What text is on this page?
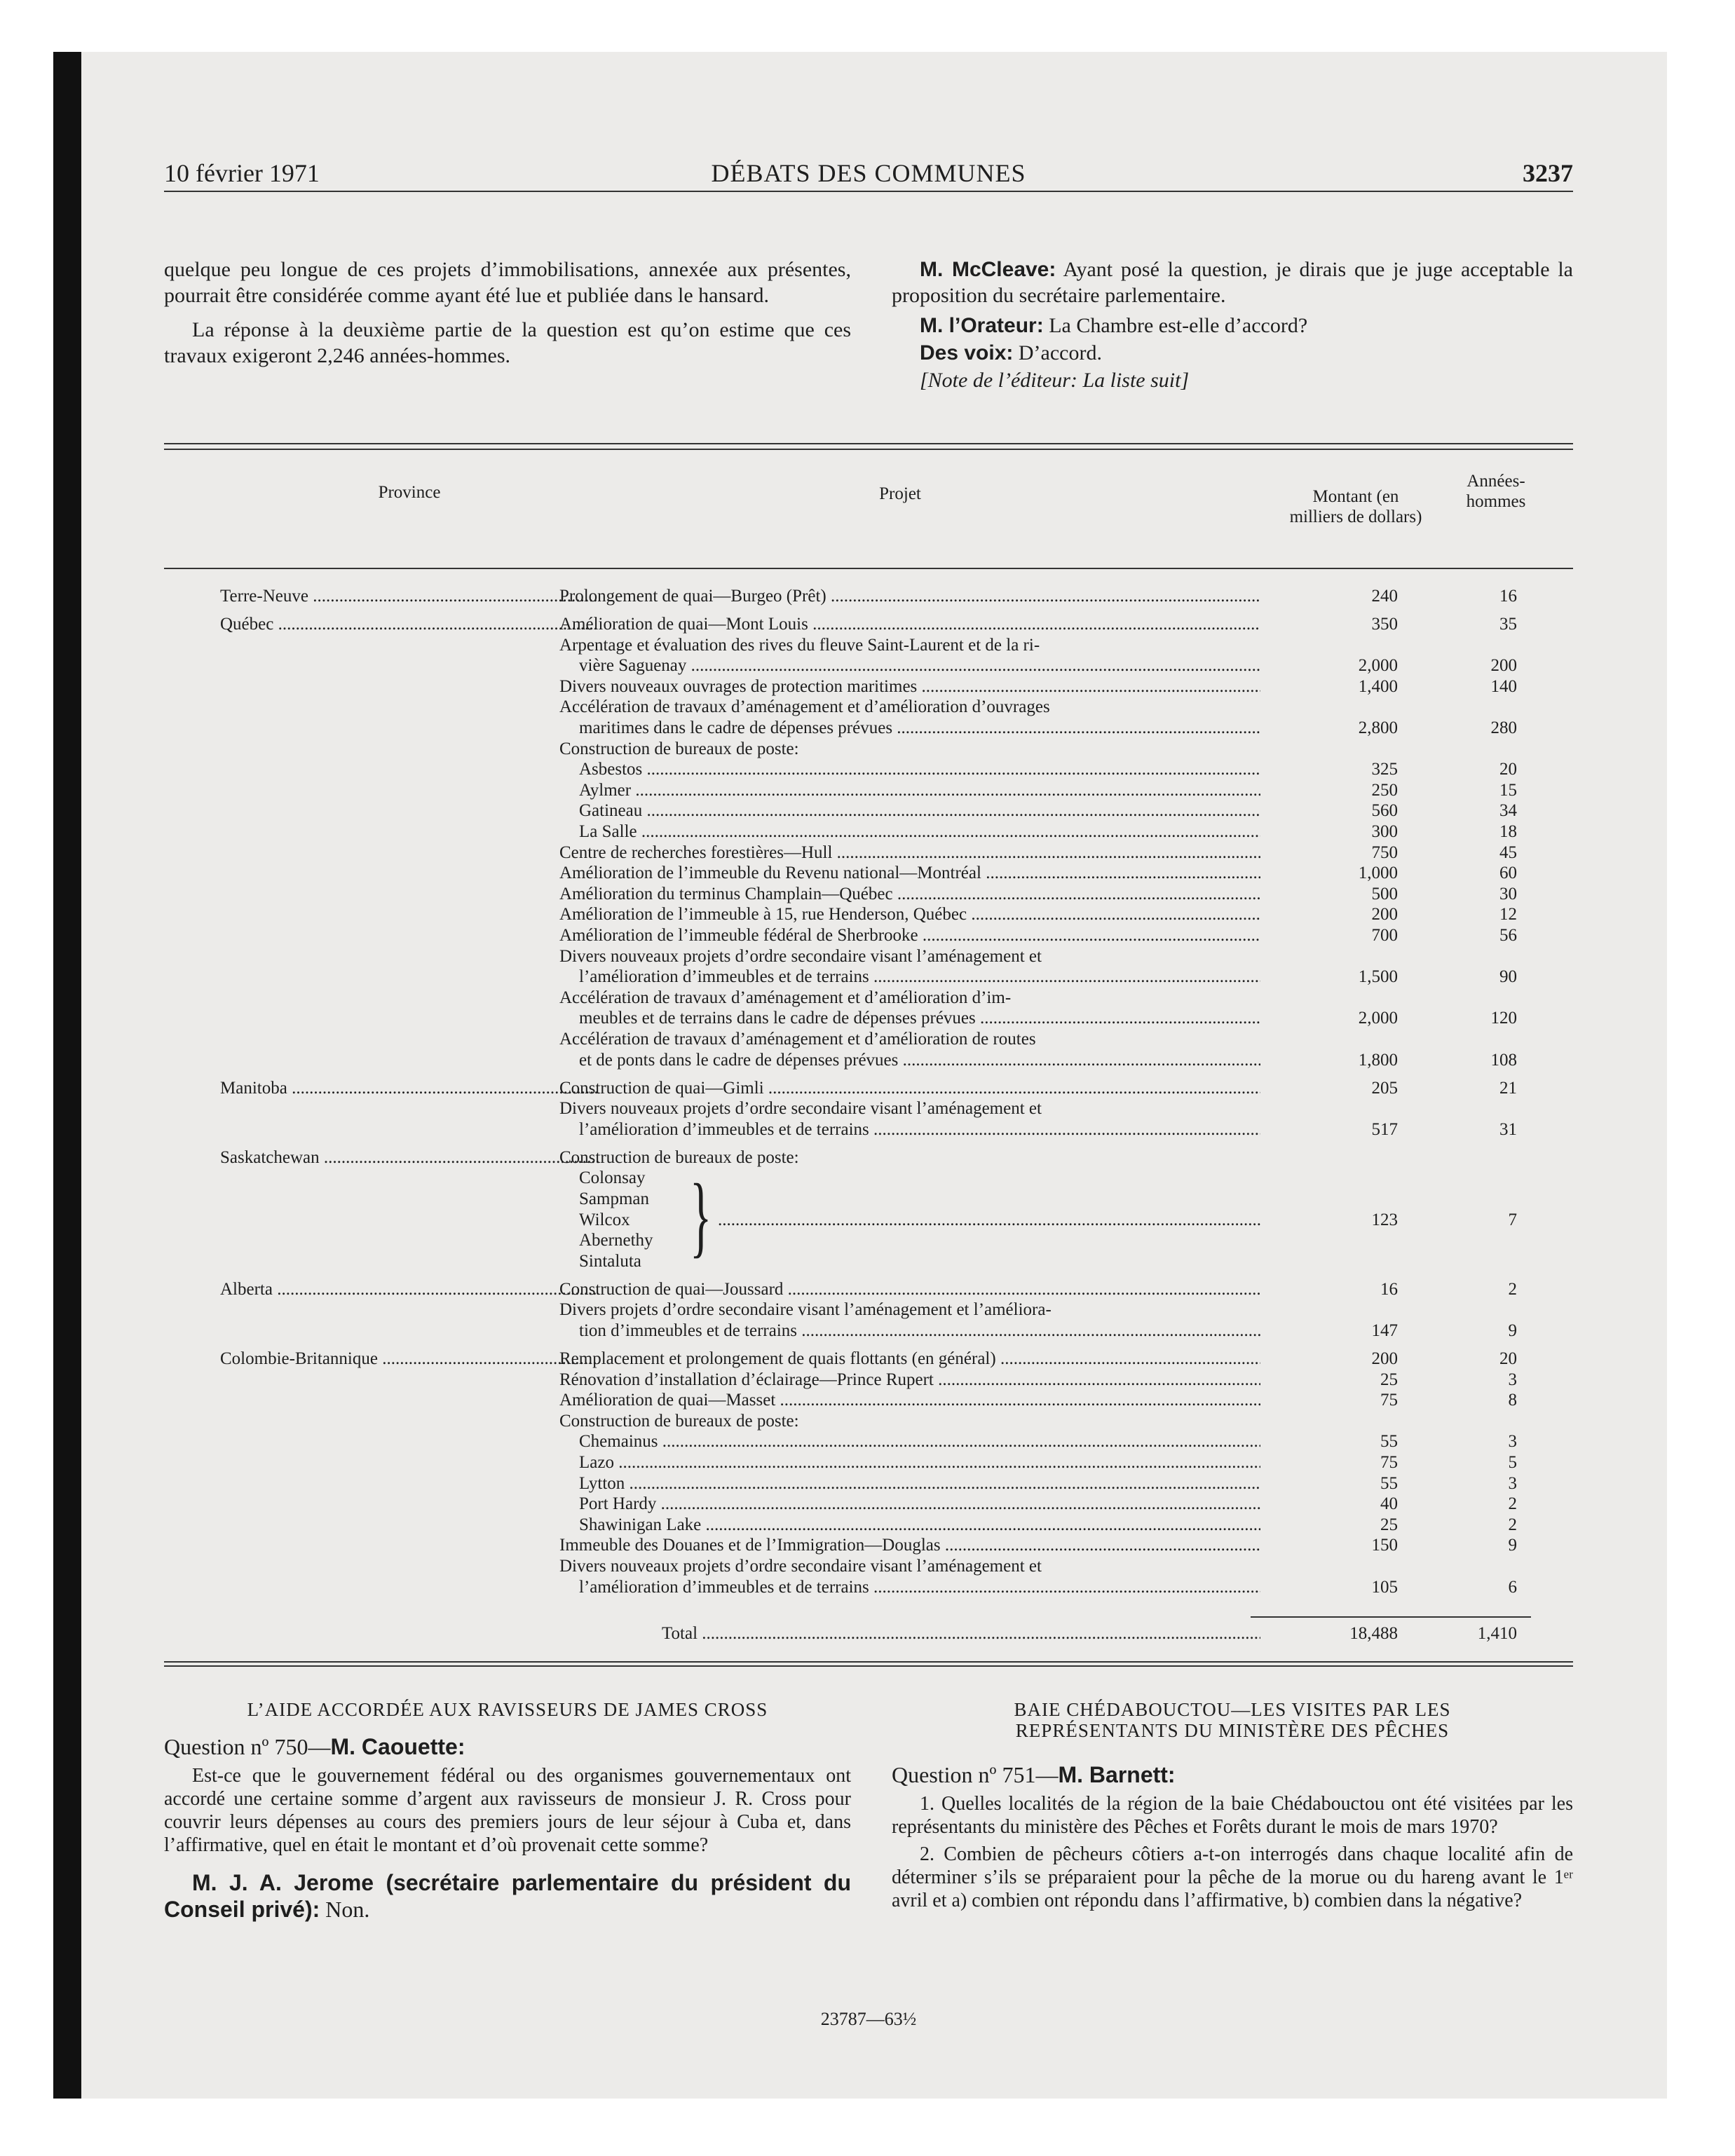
10 février 1971	DÉBATS DES COMMUNES	3237

quelque peu longue de ces projets d’immobilisations, annexée aux présentes, pourrait être considérée comme ayant été lue et publiée dans le hansard.

La réponse à la deuxième partie de la question est qu’on estime que ces travaux exigeront 2,246 années-hommes.

M. McCleave: Ayant posé la question, je dirais que je juge acceptable la proposition du secrétaire parlementaire.

M. l’Orateur: La Chambre est-elle d’accord?

Des voix: D’accord.

[Note de l’éditeur: La liste suit]

Province	Projet	Montant (en milliers de dollars)
Années-hommes
Terre-Neuve .....	Prolongement de quai—Burgeo (Prêt) .....	240	16
Québec .....	Amélioration de quai—Mont Louis .....	350	35
Arpentage et évaluation des rives du fleuve Saint-Laurent et de la ri-
vière Saguenay .....	2,000	200
Divers nouveaux ouvrages de protection maritimes .....	1,400	140
Accélération de travaux d’aménagement et d’amélioration d’ouvrages
maritimes dans le cadre de dépenses prévues .....	2,800	280
Construction de bureaux de poste:
Asbestos .....	325	20
Aylmer .....	250	15
Gatineau .....	560	34
La Salle .....	300	18
Centre de recherches forestières—Hull .....	750	45
Amélioration de l’immeuble du Revenu national—Montréal .....	1,000	60
Amélioration du terminus Champlain—Québec .....	500	30
Amélioration de l’immeuble à 15, rue Henderson, Québec .....	200	12
Amélioration de l’immeuble fédéral de Sherbrooke .....	700	56
Divers nouveaux projets d’ordre secondaire visant l’aménagement et
l’amélioration d’immeubles et de terrains .....	1,500	90
Accélération de travaux d’aménagement et d’amélioration d’im-
meubles et de terrains dans le cadre de dépenses prévues .....	2,000	120
Accélération de travaux d’aménagement et d’amélioration de routes
et de ponts dans le cadre de dépenses prévues .....	1,800	108
Manitoba .....	Construction de quai—Gimli .....	205	21
Divers nouveaux projets d’ordre secondaire visant l’aménagement et
l’amélioration d’immeubles et de terrains .....	517	31
Saskatchewan .....	Construction de bureaux de poste:
Colonsay
Sampman
Wilcox }
.....	123	7
Abernethy
Sintaluta
Alberta .....	Construction de quai—Joussard .....	16	2
Divers projets d’ordre secondaire visant l’aménagement et l’améliora-
tion d’immeubles et de terrains .....	147	9
Colombie-Britannique .....	Remplacement et prolongement de quais flottants (en général) .....	200	20
Rénovation d’installation d’éclairage—Prince Rupert .....	25	3
Amélioration de quai—Masset .....	75	8
Construction de bureaux de poste:
Chemainus .....	55	3
Lazo .....	75	5
Lytton .....	55	3
Port Hardy .....	40	2
Shawinigan Lake .....	25	2
Immeuble des Douanes et de l’Immigration—Douglas .....	150	9
Divers nouveaux projets d’ordre secondaire visant l’aménagement et
l’amélioration d’immeubles et de terrains .....	105	6
Total .....	18,488	1,410
L’AIDE ACCORDÉE AUX RAVISSEURS DE JAMES CROSS
Question nº 750—M. Caouette:

Est-ce que le gouvernement fédéral ou des organismes gouvernementaux ont accordé une certaine somme d’argent aux ravisseurs de monsieur J. R. Cross pour couvrir leurs dépenses au cours des premiers jours de leur séjour à Cuba et, dans l’affirmative, quel en était le montant et d’où provenait cette somme?

M. J. A. Jerome (secrétaire parlementaire du président du Conseil privé): Non.

BAIE CHÉDABOUCTOU—LES VISITES PAR LES REPRÉSENTANTS DU MINISTÈRE DES PÊCHES
Question nº 751—M. Barnett:

1. Quelles localités de la région de la baie Chédabouctou ont été visitées par les représentants du ministère des Pêches et Forêts durant le mois de mars 1970?

2. Combien de pêcheurs côtiers a-t-on interrogés dans chaque localité afin de déterminer s’ils se préparaient pour la pêche de la morue ou du hareng avant le 1ᵉʳ avril et a) combien ont répondu dans l’affirmative, b) combien dans la négative?

23787—63½
